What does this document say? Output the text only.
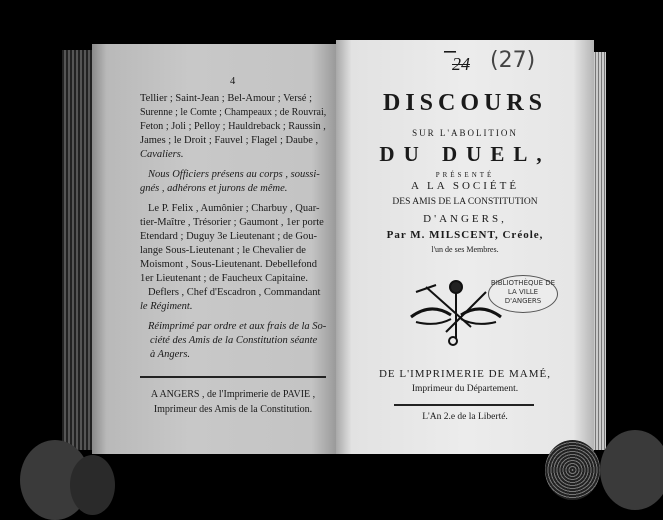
4
Tellier ; Saint-Jean ; Bel-Amour ; Versé ;
Surenne ; le Comte ; Champeaux ; de Rouvrai,
Feton ; Joli ; Pelloy ; Hauldreback ; Raussin ,
James ; le Droit ; Fauvel ; Flagel ; Daube ,
Cavaliers.
Nous Officiers présens au corps , soussi-
gnés , adhérons et jurons de même.
Le P. Felix , Aumônier ; Charbuy , Quar-
tier-Maître , Trésorier ; Gaumont , 1er porte
Etendard ; Duguy 3e Lieutenant ; de Gou-
lange Sous-Lieutenant ; le Chevalier de
Moismont , Sous-Lieutenant. Debellefond
1er Lieutenant ; de Faucheux Capitaine.
Deflers , Chef d'Escadron , Commandant
le Régiment.
Réimprimé par ordre et aux frais de la So-
ciété des Amis de la Constitution séante
à Angers.
A ANGERS , de l'Imprimerie de PAVIE ,
Imprimeur des Amis de la Constitution.
—
24 (27)
DISCOURS
SUR L'ABOLITION
DU DUEL,
PRÉSENTÉ
A LA SOCIÉTÉ
DES AMIS DE LA CONSTITUTION
D'ANGERS,
Par M. MILSCENT, Créole,
l'un de ses Membres.
BIBLIOTHÈQUE DE LA VILLE D'ANGERS
DE L'IMPRIMERIE DE MAMÉ,
Imprimeur du Département.
L'An 2.e de la Liberté.
